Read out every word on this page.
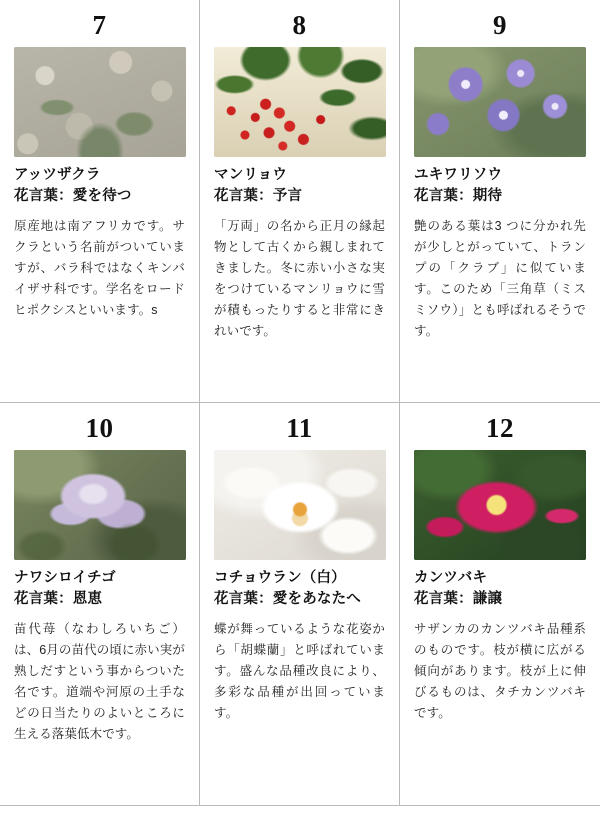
7
アッツザクラ
花言葉：愛を待つ

原産地は南アフリカです。サクラという名前がついていますが、バラ科ではなくキンバイザサ科です。学名をロードヒポクシスといいます。s

8
マンリョウ
花言葉：予言

「万両」の名から正月の縁起物として古くから親しまれてきました。冬に赤い小さな実をつけているマンリョウに雪が積もったりすると非常にきれいです。

9
ユキワリソウ
花言葉：期待

艶のある葉は3 つに分かれ先が少しとがっていて、トランプの「クラブ」に似ています。このため「三角草（ミスミソウ）」とも呼ばれるそうです。

10
ナワシロイチゴ
花言葉：恩恵

苗代苺（なわしろいちご）は、6月の苗代の頃に赤い実が熟しだすという事からついた名です。道端や河原の土手などの日当たりのよいところに生える落葉低木です。

11
コチョウラン（白）
花言葉：愛をあなたへ

蝶が舞っているような花姿から「胡蝶蘭」と呼ばれています。盛んな品種改良により、多彩な品種が出回っています。

12
カンツバキ
花言葉：謙譲

サザンカのカンツバキ品種系のものです。枝が横に広がる傾向があります。枝が上に伸びるものは、タチカンツバキです。
